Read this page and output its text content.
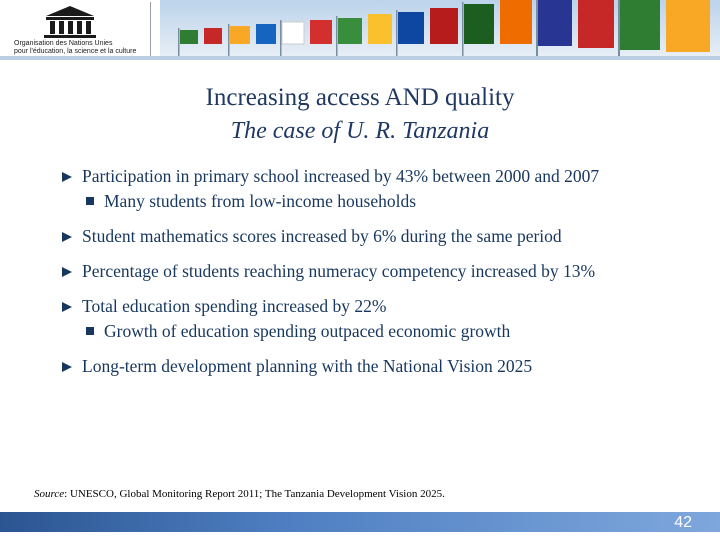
Organisation des Nations Unies
pour l'éducation, la science et la culture
Increasing access AND quality
The case of U. R. Tanzania
Participation in primary school increased by 43% between 2000 and 2007
Many students from low-income households
Student mathematics scores increased by 6% during the same period
Percentage of students reaching numeracy competency increased by 13%
Total education spending increased by 22%
Growth of education spending outpaced economic growth
Long-term development planning with the National Vision 2025
Source: UNESCO, Global Monitoring Report 2011; The Tanzania Development Vision 2025.
42
